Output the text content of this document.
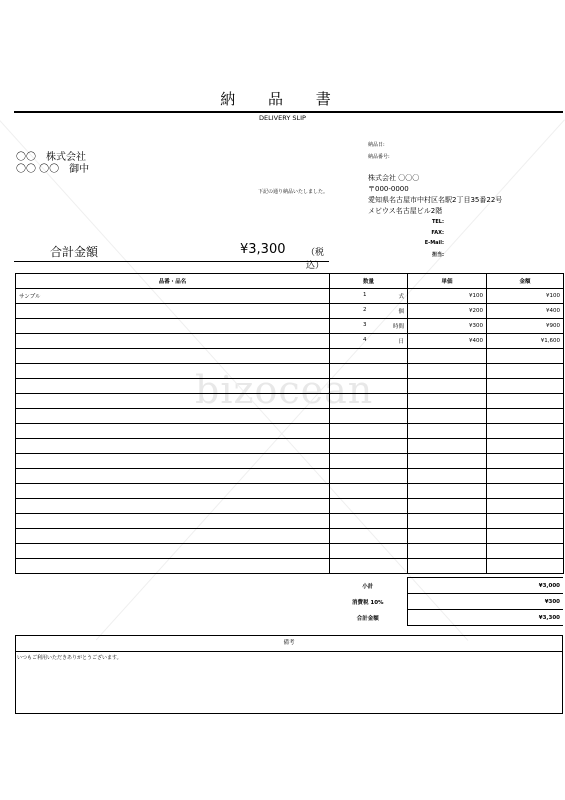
bizocean
納 品 書
DELIVERY SLIP
〇〇　株式会社
〇〇 〇〇　御中
下記の通り納品いたしました。
合計金額	¥3,300 （税込）
納品日:
納品番号:
株式会社 〇〇〇
〒000-0000
愛知県名古屋市中村区名駅2丁目35番22号
メビウス名古屋ビル2階
TEL:
FAX:
E-Mail:
担当:
品番・品名	数量	単価	金額
サンプル	1 式	¥100	¥100

	2 個	¥200	¥400

	3 時間	¥300	¥900

	4 日	¥400	¥1,600

小計	¥3,000
消費税 10%	¥300
合計金額	¥3,300
備考
いつもご利用いただきありがとうございます。
